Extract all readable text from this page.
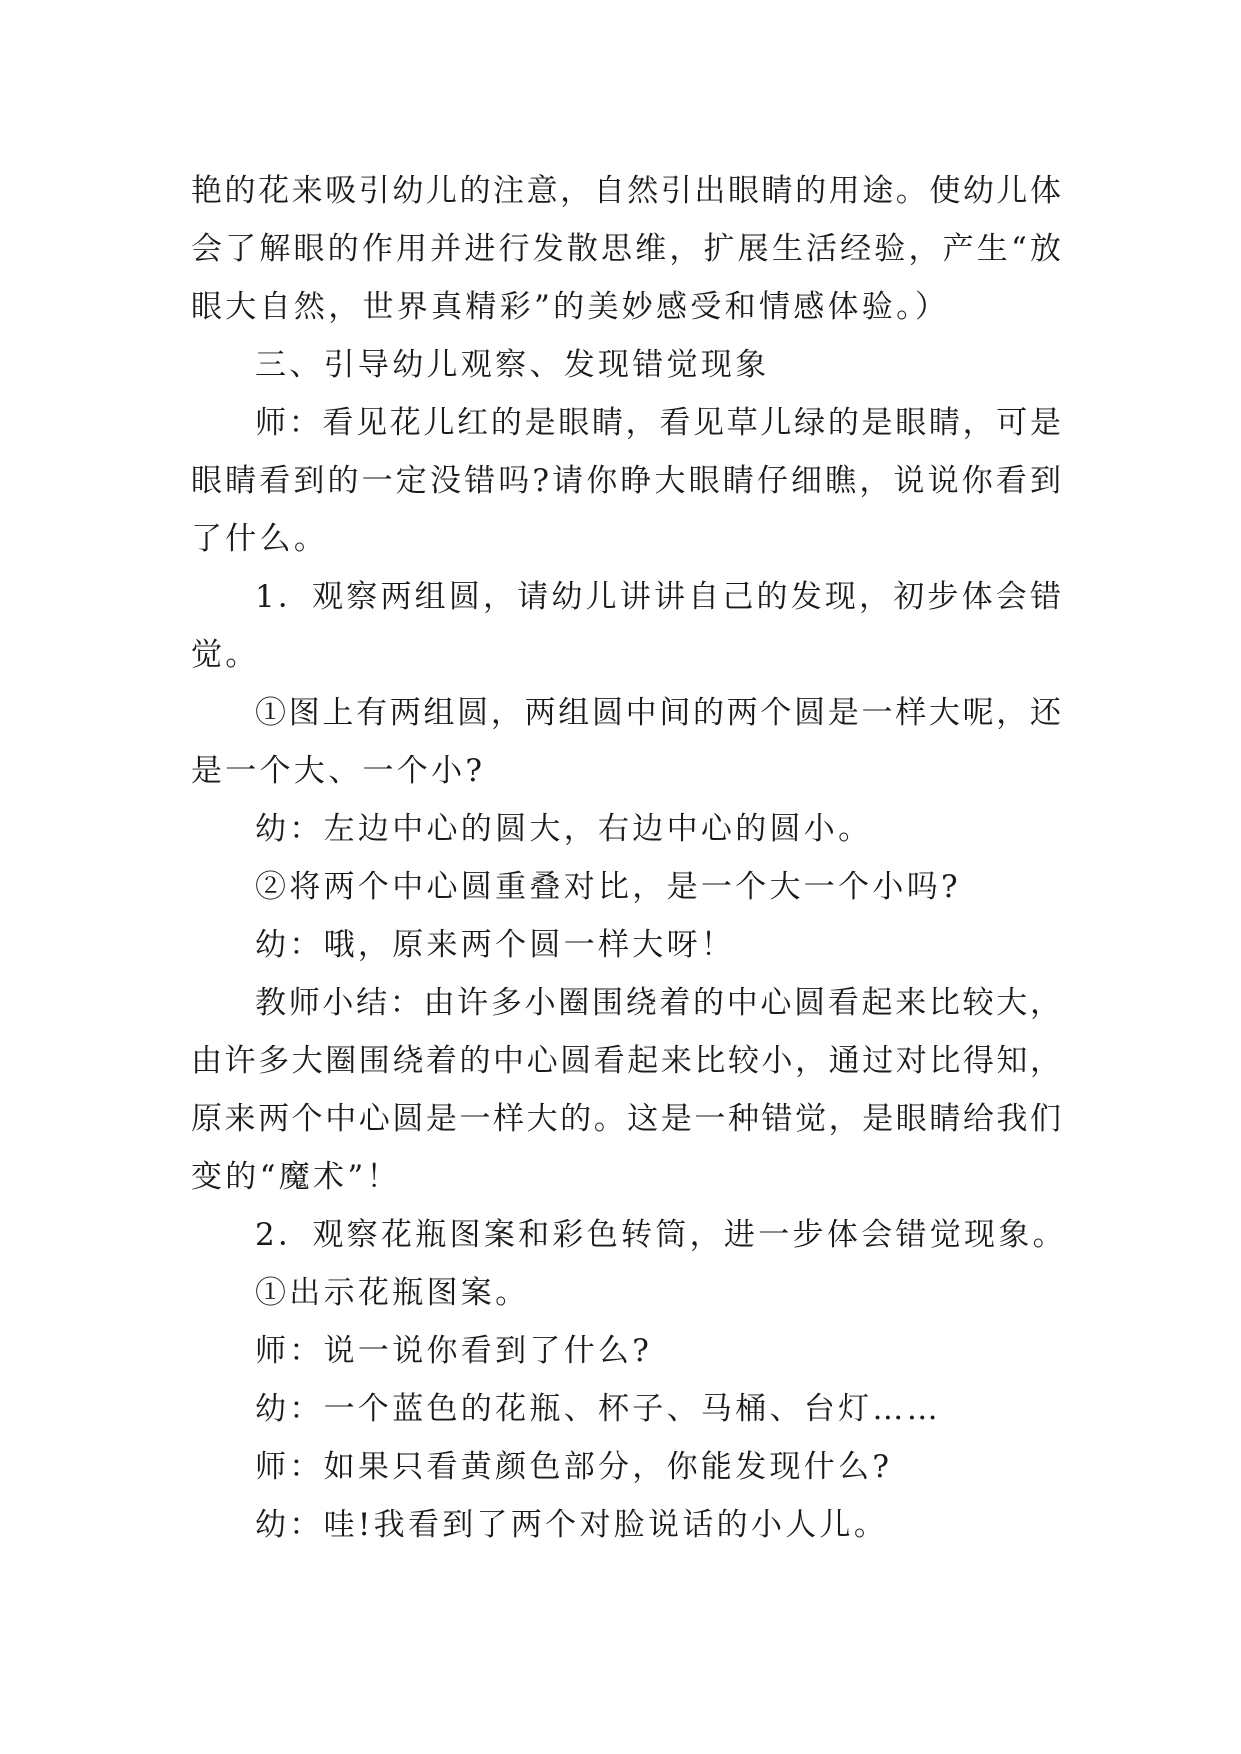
艳的花来吸引幼儿的注意，自然引出眼睛的用途。使幼儿体
会了解眼的作用并进行发散思维，扩展生活经验，产生“放
眼大自然，世界真精彩”的美妙感受和情感体验。）
三、引导幼儿观察、发现错觉现象
师：看见花儿红的是眼睛，看见草儿绿的是眼睛，可是
眼睛看到的一定没错吗?请你睁大眼睛仔细瞧，说说你看到
了什么。
1．观察两组圆，请幼儿讲讲自己的发现，初步体会错
觉。
①图上有两组圆，两组圆中间的两个圆是一样大呢，还
是一个大、一个小?
幼：左边中心的圆大，右边中心的圆小。
②将两个中心圆重叠对比，是一个大一个小吗?
幼：哦，原来两个圆一样大呀！
教师小结：由许多小圈围绕着的中心圆看起来比较大，
由许多大圈围绕着的中心圆看起来比较小，通过对比得知，
原来两个中心圆是一样大的。这是一种错觉，是眼睛给我们
变的“魔术”！
2．观察花瓶图案和彩色转筒，进一步体会错觉现象。
①出示花瓶图案。
师：说一说你看到了什么?
幼：一个蓝色的花瓶、杯子、马桶、台灯……
师：如果只看黄颜色部分，你能发现什么?
幼：哇!我看到了两个对脸说话的小人儿。
